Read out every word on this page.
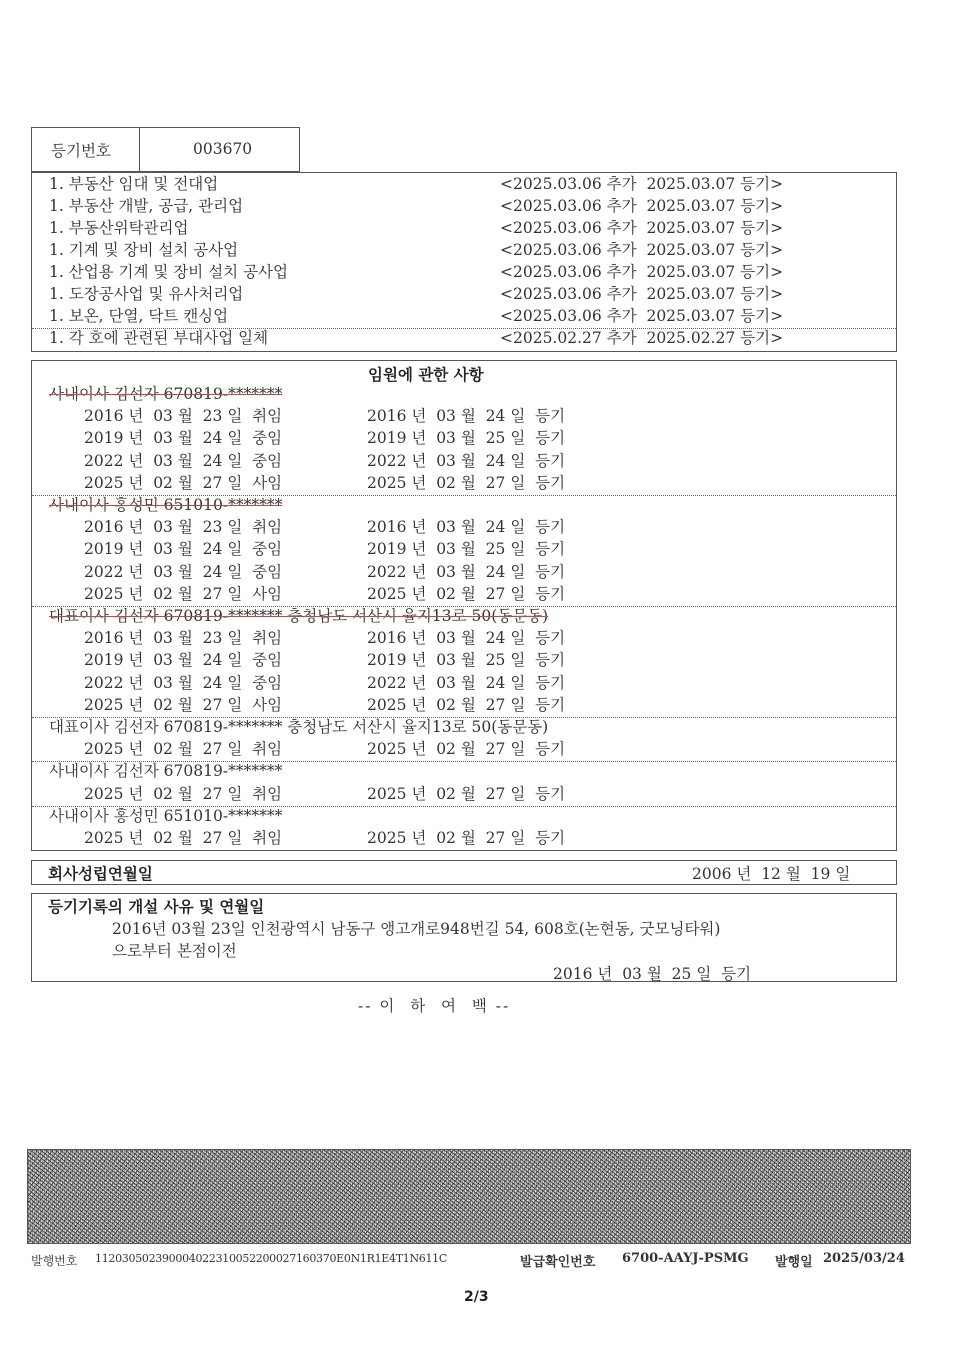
등기번호	003670
1. 부동산 임대 및 전대업	<2025.03.06 추가  2025.03.07 등기>
1. 부동산 개발, 공급, 관리업	<2025.03.06 추가  2025.03.07 등기>
1. 부동산위탁관리업	<2025.03.06 추가  2025.03.07 등기>
1. 기계 및 장비 설치 공사업	<2025.03.06 추가  2025.03.07 등기>
1. 산업용 기계 및 장비 설치 공사업	<2025.03.06 추가  2025.03.07 등기>
1. 도장공사업 및 유사처리업	<2025.03.06 추가  2025.03.07 등기>
1. 보온, 단열, 닥트 캔싱업	<2025.03.06 추가  2025.03.07 등기>
1. 각 호에 관련된 부대사업 일체	<2025.02.27 추가  2025.02.27 등기>
임원에 관한 사항
사내이사 김선자 670819-*******
2016 년  03 월  23 일  취임	2016 년  03 월  24 일  등기
2019 년  03 월  24 일  중임	2019 년  03 월  25 일  등기
2022 년  03 월  24 일  중임	2022 년  03 월  24 일  등기
2025 년  02 월  27 일  사임	2025 년  02 월  27 일  등기
사내이사 홍성민 651010-*******
2016 년  03 월  23 일  취임	2016 년  03 월  24 일  등기
2019 년  03 월  24 일  중임	2019 년  03 월  25 일  등기
2022 년  03 월  24 일  중임	2022 년  03 월  24 일  등기
2025 년  02 월  27 일  사임	2025 년  02 월  27 일  등기
대표이사 김선자 670819-******* 충청남도 서산시 율지13로 50(동문동)
2016 년  03 월  23 일  취임	2016 년  03 월  24 일  등기
2019 년  03 월  24 일  중임	2019 년  03 월  25 일  등기
2022 년  03 월  24 일  중임	2022 년  03 월  24 일  등기
2025 년  02 월  27 일  사임	2025 년  02 월  27 일  등기
대표이사 김선자 670819-******* 충청남도 서산시 율지13로 50(동문동)
2025 년  02 월  27 일  취임	2025 년  02 월  27 일  등기
사내이사 김선자 670819-*******
2025 년  02 월  27 일  취임	2025 년  02 월  27 일  등기
사내이사 홍성민 651010-*******
2025 년  02 월  27 일  취임	2025 년  02 월  27 일  등기
회사성립연월일	2006 년  12 월  19 일
등기기록의 개설 사유 및 연월일
2016년 03월 23일 인천광역시 남동구 앵고개로948번길 54, 608호(논현동, 굿모닝타워)
으로부터 본점이전
2016 년  03 월  25 일  등기
-- 이  하  여  백 --
발행번호 112030502390004022310052200027160370E0N1R1E4T1N611C	발급확인번호 6700-AAYJ-PSMG 발행일 2025/03/24
2/3
